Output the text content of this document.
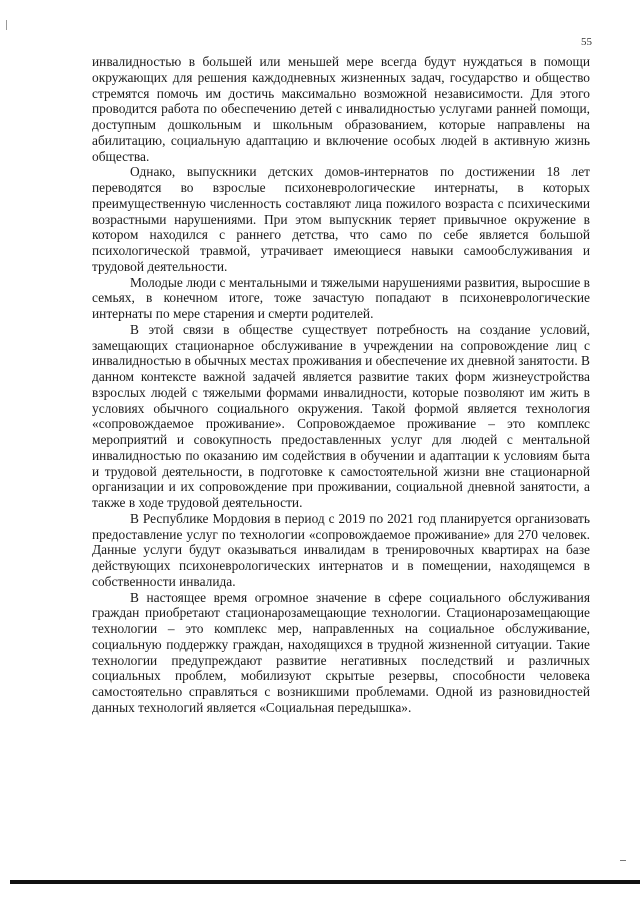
55

инвалидностью в большей или меньшей мере всегда будут нуждаться в помощи окружающих для решения каждодневных жизненных задач, государство и общество стремятся помочь им достичь максимально возможной независимости. Для этого проводится работа по обеспечению детей с инвалидностью услугами ранней помощи, доступным дошкольным и школьным образованием, которые направлены на абилитацию, социальную адаптацию и включение особых людей в активную жизнь общества.

Однако, выпускники детских домов-интернатов по достижении 18 лет переводятся во взрослые психоневрологические интернаты, в которых преимущественную численность составляют лица пожилого возраста с психическими возрастными нарушениями. При этом выпускник теряет привычное окружение в котором находился с раннего детства, что само по себе является большой психологической травмой, утрачивает имеющиеся навыки самообслуживания и трудовой деятельности.

Молодые люди с ментальными и тяжелыми нарушениями развития, выросшие в семьях, в конечном итоге, тоже зачастую попадают в психоневрологические интернаты по мере старения и смерти родителей.

В этой связи в обществе существует потребность на создание условий, замещающих стационарное обслуживание в учреждении на сопровождение лиц с инвалидностью в обычных местах проживания и обеспечение их дневной занятости. В данном контексте важной задачей является развитие таких форм жизнеустройства взрослых людей с тяжелыми формами инвалидности, которые позволяют им жить в условиях обычного социального окружения. Такой формой является технология «сопровождаемое проживание». Сопровождаемое проживание – это комплекс мероприятий и совокупность предоставленных услуг для людей с ментальной инвалидностью по оказанию им содействия в обучении и адаптации к условиям быта и трудовой деятельности, в подготовке к самостоятельной жизни вне стационарной организации и их сопровождение при проживании, социальной дневной занятости, а также в ходе трудовой деятельности.

В Республике Мордовия в период с 2019 по 2021 год планируется организовать предоставление услуг по технологии «сопровождаемое проживание» для 270 человек. Данные услуги будут оказываться инвалидам в тренировочных квартирах на базе действующих психоневрологических интернатов и в помещении, находящемся в собственности инвалида.

В настоящее время огромное значение в сфере социального обслуживания граждан приобретают стационарозамещающие технологии. Стационарозамещающие технологии – это комплекс мер, направленных на социальное обслуживание, социальную поддержку граждан, находящихся в трудной жизненной ситуации. Такие технологии предупреждают развитие негативных последствий и различных социальных проблем, мобилизуют скрытые резервы, способности человека самостоятельно справляться с возникшими проблемами. Одной из разновидностей данных технологий является «Социальная передышка».
